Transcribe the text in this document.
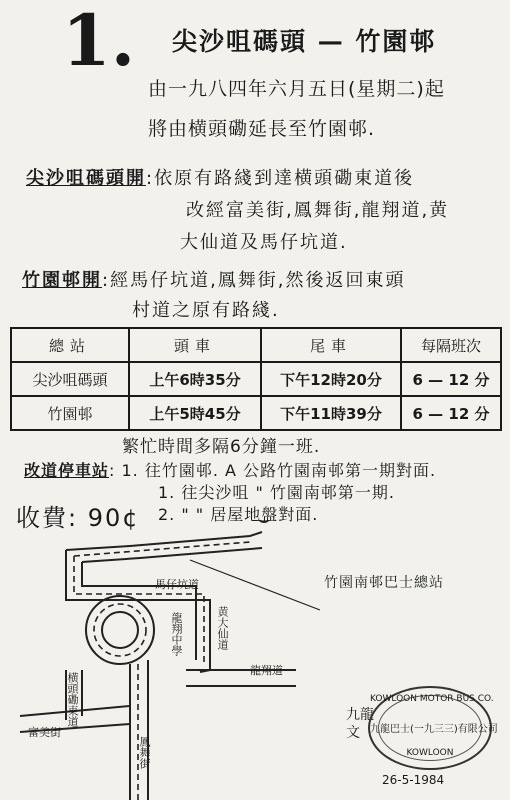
1. 尖沙咀碼頭 — 竹園邨
由一九八四年六月五日(星期二)起
將由横頭磡延長至竹園邨.
尖沙咀碼頭開:依原有路綫到達横頭磡東道後
改經富美街,鳳舞街,龍翔道,黄
大仙道及馬仔坑道.
竹園邨開:經馬仔坑道,鳳舞街,然後返回東頭
村道之原有路綫.
總站	頭車	尾車	每隔班次
尖沙咀碼頭	上午6時35分	下午12時20分	6 — 12 分
竹園邨	上午5時45分	下午11時39分	6 — 12 分
繁忙時間多隔6分鐘一班.
改道停車站: 1. 往竹園邨. A 公路竹園南邨第一期對面.
1. 往尖沙咀 " 竹園南邨第一期.
2. " " 居屋地盤對面.
收費: 90¢
馬仔坑道
龍翔中學	黄大仙道
龍翔道
横頭磡東道
富美街
鳳舞街
竹園南邨巴士總站
九龍
文
KOWLOON MOTOR BUS CO.
九龍巴士(一九三三)有限公司
KOWLOON
26-5-1984
